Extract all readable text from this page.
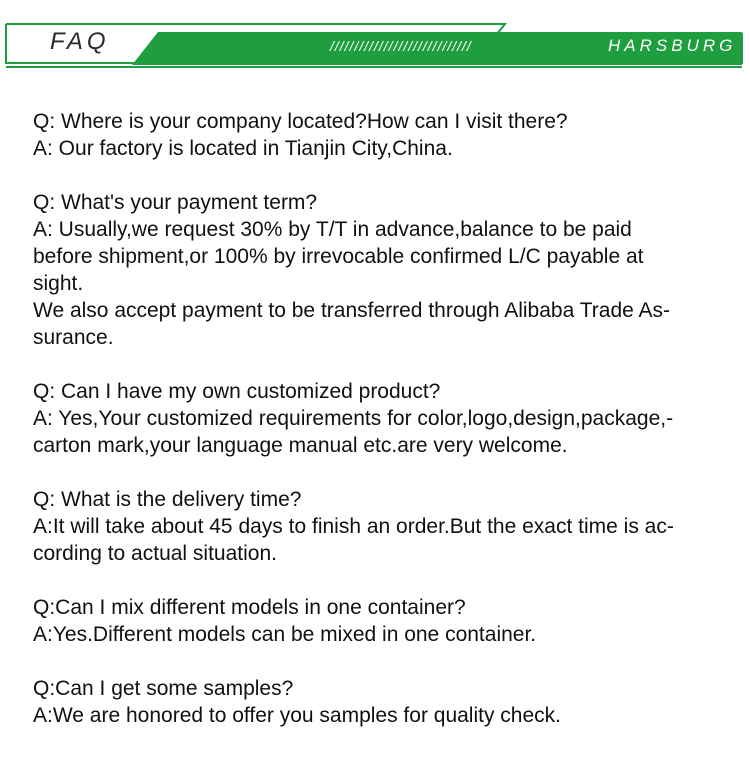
FAQ	/////////////////////////////	HARSBURG

Q: Where is your company located?How can I visit there?

A: Our factory is located in Tianjin City,China.

Q: What's your payment term?

A: Usually,we request 30% by T/T in advance,balance to be paid

before shipment,or 100% by irrevocable confirmed L/C payable at

sight.

We also accept payment to be transferred through Alibaba Trade As-

surance.

Q: Can I have my own customized product?

A: Yes,Your customized requirements for color,logo,design,package,-

carton mark,your language manual etc.are very welcome.

Q: What is the delivery time?

A:It will take about 45 days to finish an order.But the exact time is ac-

cording to actual situation.

Q:Can I mix different models in one container?

A:Yes.Different models can be mixed in one container.

Q:Can I get some samples?

A:We are honored to offer you samples for quality check.
